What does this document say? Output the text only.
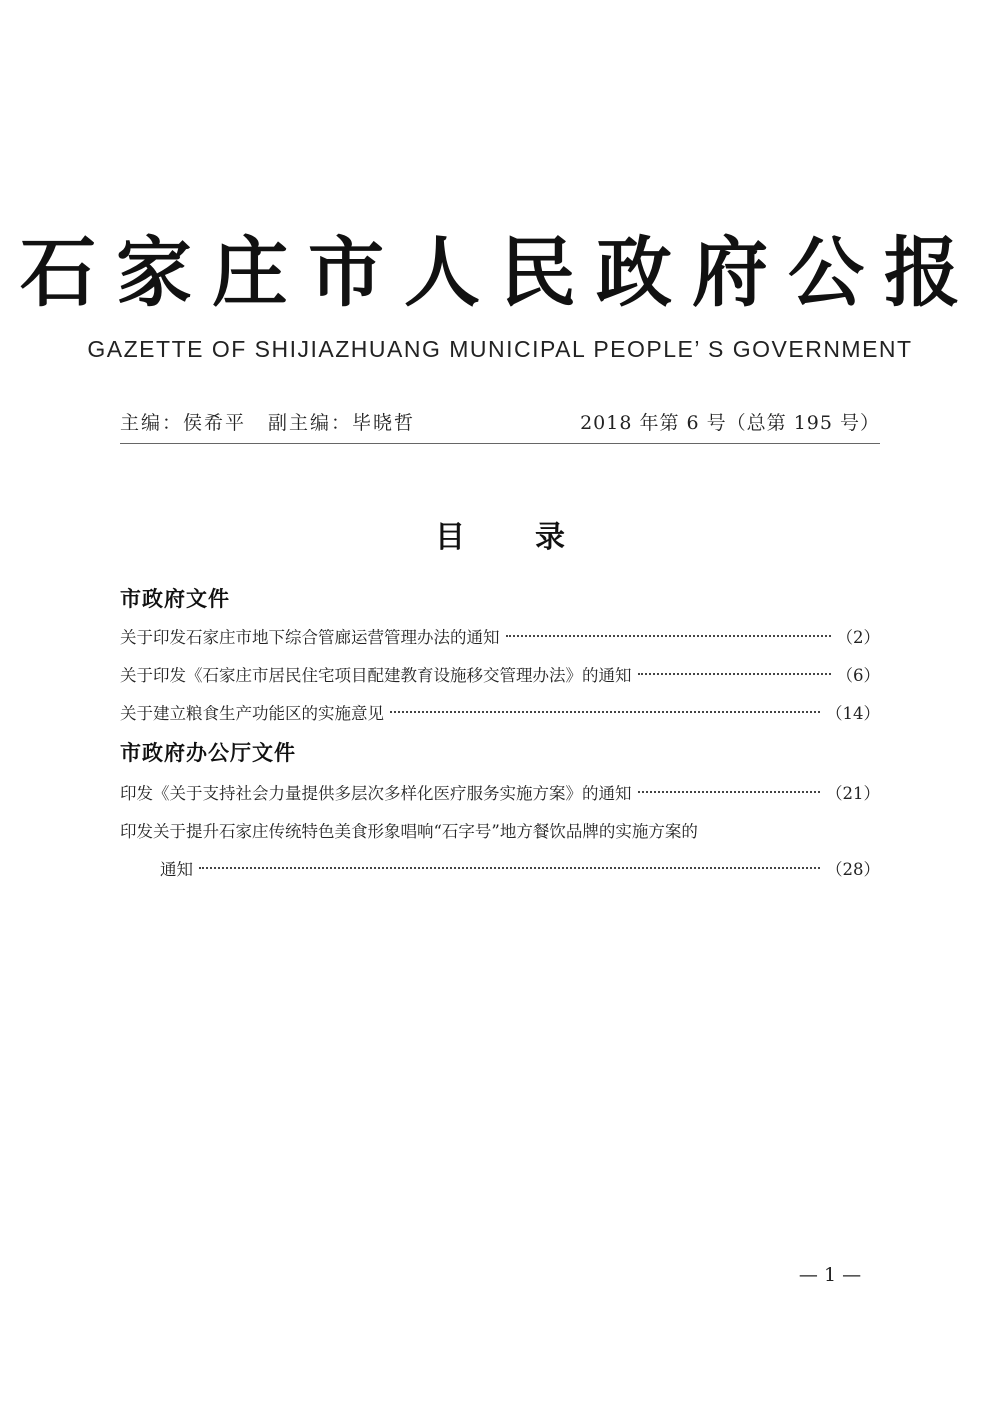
石家庄市人民政府公报
GAZETTE OF SHIJIAZHUANG MUNICIPAL PEOPLE’ S GOVERNMENT
主编：侯希平 副主编：毕晓哲	2018 年第 6 号（总第 195 号）
目录
市政府文件
关于印发石家庄市地下综合管廊运营管理办法的通知	（2）
关于印发《石家庄市居民住宅项目配建教育设施移交管理办法》的通知	（6）
关于建立粮食生产功能区的实施意见	（14）
市政府办公厅文件
印发《关于支持社会力量提供多层次多样化医疗服务实施方案》的通知	（21）
印发关于提升石家庄传统特色美食形象唱响“石字号”地方餐饮品牌的实施方案的
通知	（28）
— 1 —
